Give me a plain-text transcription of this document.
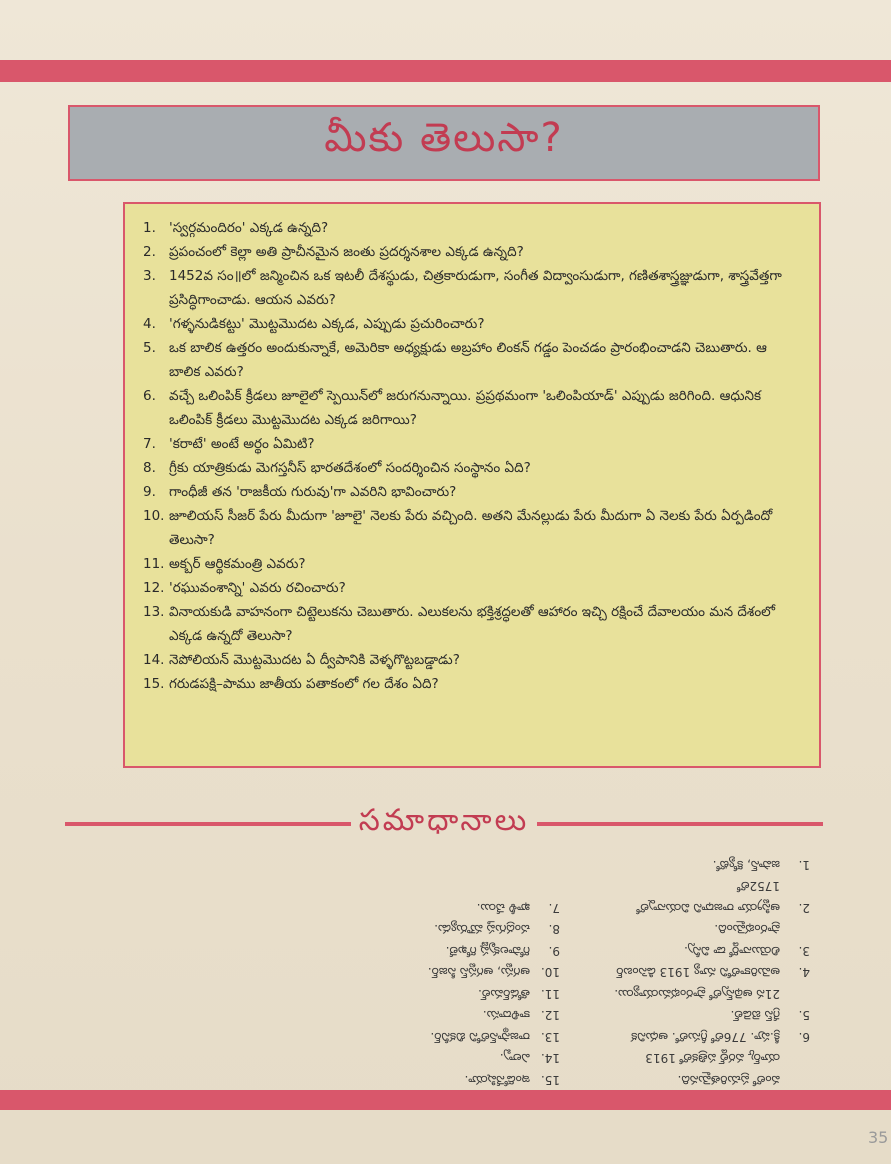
మీకు తెలుసా?
1. 'స్వర్గమందిరం' ఎక్కడ ఉన్నది?
2. ప్రపంచంలో కెల్లా అతి ప్రాచీనమైన జంతు ప్రదర్శనశాల ఎక్కడ ఉన్నది?
3. 1452వ సం॥లో జన్మించిన ఒక ఇటలీ దేశస్థుడు, చిత్రకారుడుగా, సంగీత విద్వాంసుడుగా, గణితశాస్త్రజ్ఞుడుగా, శాస్త్రవేత్తగా ప్రసిద్ధిగాంచాడు. ఆయన ఎవరు?
4. 'గళ్ళనుడికట్టు' మొట్టమొదట ఎక్కడ, ఎప్పుడు ప్రచురించారు?
5. ఒక బాలిక ఉత్తరం అందుకున్నాకే, అమెరికా అధ్యక్షుడు అబ్రహాం లింకన్ గడ్డం పెంచడం ప్రారంభించాడని చెబుతారు. ఆ బాలిక ఎవరు?
6. వచ్చే ఒలింపిక్ క్రీడలు జూలైలో స్పెయిన్‌లో జరుగనున్నాయి. ప్రప్రథమంగా 'ఒలింపియాడ్' ఎప్పుడు జరిగింది. ఆధునిక ఒలింపిక్ క్రీడలు మొట్టమొదట ఎక్కడ జరిగాయి?
7. 'కరాటే' అంటే అర్థం ఏమిటి?
8. గ్రీకు యాత్రికుడు మెగస్తనీస్ భారతదేశంలో సందర్శించిన సంస్థానం ఏది?
9. గాంధీజీ తన 'రాజకీయ గురువు'గా ఎవరిని భావించారు?
10. జూలియస్ సీజర్ పేరు మీదుగా 'జూలై' నెలకు పేరు వచ్చింది. అతని మేనల్లుడు పేరు మీదుగా ఏ నెలకు పేరు ఏర్పడిందో తెలుసా?
11. అక్బర్ ఆర్థికమంత్రి ఎవరు?
12. 'రఘువంశాన్ని' ఎవరు రచించారు?
13. వినాయకుడి వాహనంగా చిట్టెలుకను చెబుతారు. ఎలుకలను భక్తిశ్రద్ధలతో ఆహారం ఇచ్చి రక్షించే దేవాలయం మన దేశంలో ఎక్కడ ఉన్నదో తెలుసా?
14. నెపోలియన్ మొట్టమొదట ఏ ద్వీపానికి వెళ్ళగొట్టబడ్డాడు?
15. గరుడపక్షి–పాము జాతీయ పతాకంలో గల దేశం ఏది?
సమాధానాలు
వంలో ప్రచురితమైనది.
యార్క్ వరల్డ్ పత్రికలో 1913
6.
క్రీ.పూ. 776లో గ్రీసులో. ఆధునిక
5.
గ్రేస్ బెడెల్.
21న ఆథెన్స్‌లో ప్రారంభమయ్యాయి.
4.
అమెరికాలోని న్యూ 1913 డిసెంబర్
3.
లియొనార్డో డా విన్సీ.
ప్రారంభమైంది.
2.
ఆస్ట్రియా రాజధాని వియన్నాలో 1752లో
1.
జపాన్, క్యోటో.
15.
ఇండోనేషియా.
14.
ఎల్బా.
13.
రాజస్థాన్‌లోని బికనీర్.
12.
కాళిదాసు.
11.
తోడర్‌మల్.
10.
ఆగస్టు, ఆగస్టస్ సీజర్.
9.
గోపాలకృష్ణ గోఖలే.
8.
చంద్రగుప్త మౌర్యుడు.
7.
ఖాళీ చేయి.
35
